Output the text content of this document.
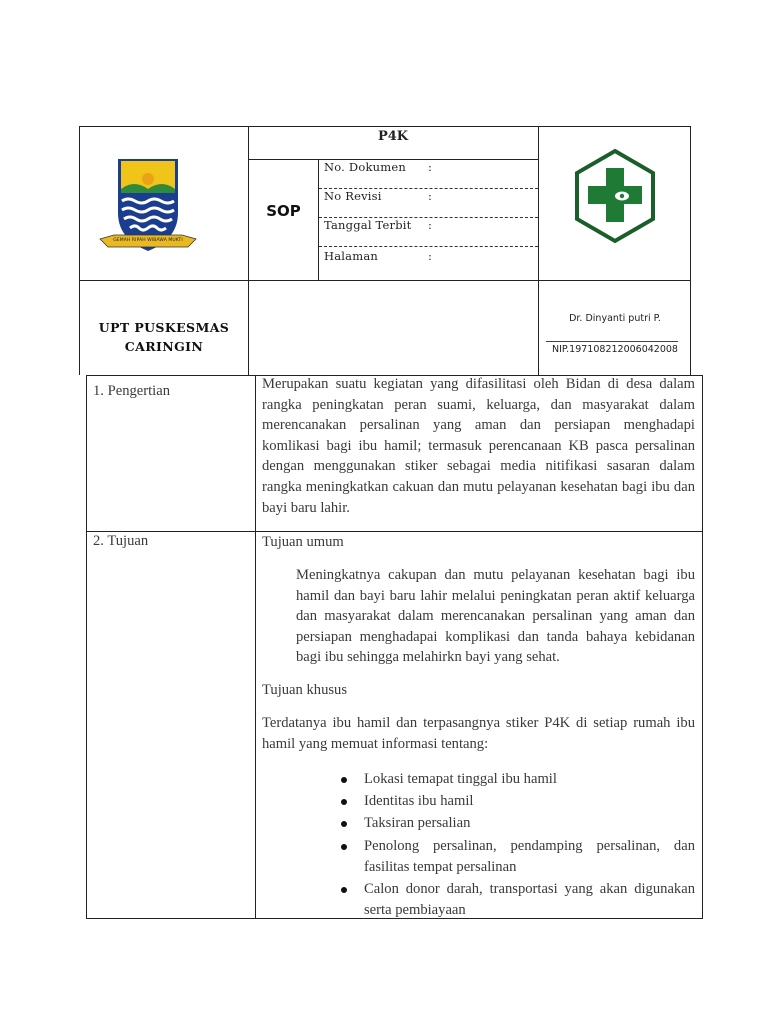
P4K
SOP
No. Dokumen :
No Revisi	:
Tanggal Terbit :
Halaman	:
GEMAH RIPAH WIBAWA MUKTI
UPT PUSKESMAS
CARINGIN
Dr. Dinyanti putri P.
NIP.197108212006042008
1. Pengertian	Merupakan suatu kegiatan yang difasilitasi oleh Bidan di desa dalam rangka peningkatan peran suami, keluarga, dan masyarakat dalam merencanakan persalinan yang aman dan persiapan menghadapi komlikasi bagi ibu hamil; termasuk perencanaan KB pasca persalinan dengan menggunakan stiker sebagai media nitifikasi sasaran dalam rangka meningkatkan cakuan dan mutu pelayanan kesehatan bagi ibu dan bayi baru lahir.
2. Tujuan	Tujuan umum
Meningkatnya cakupan dan mutu pelayanan kesehatan bagi ibu hamil dan bayi baru lahir melalui peningkatan peran aktif keluarga dan masyarakat dalam merencanakan persalinan yang aman dan persiapan menghadapai komplikasi dan tanda bahaya kebidanan bagi ibu sehingga melahirkn bayi yang sehat.
Tujuan khusus
Terdatanya ibu hamil dan terpasangnya stiker P4K di setiap rumah ibu hamil yang memuat informasi tentang:
Lokasi temapat tinggal ibu hamil
Identitas ibu hamil
Taksiran persalian
Penolong persalinan, pendamping persalinan, dan fasilitas tempat persalinan
Calon donor darah, transportasi yang akan digunakan serta pembiayaan
